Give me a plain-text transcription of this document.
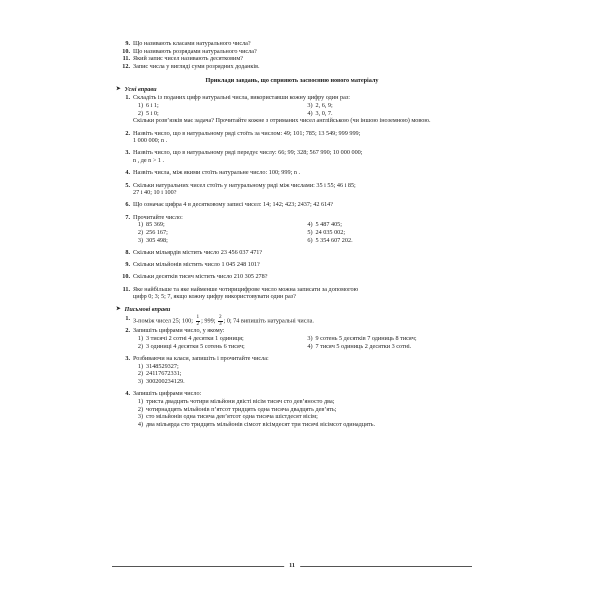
9. Що називають класами натурального числа?
10. Що називають розрядами натурального числа?
11. Який запис чисел називають десятковим?
12. Запис числа у вигляді суми розрядних доданків.
Приклади завдань, що сприяють засвоєнню нового матеріалу
➤ Усні вправи
1. Складіть із поданих цифр натуральні числа, використавши кожну цифру один раз:
1) 6 і 1;	3) 2, 6, 9;
2) 5 і 0;	4) 3, 0, 7.
Скільки розв’язків має задача? Прочитайте кожне з отриманих чисел англійською (чи іншою іноземною) мовою.
2. Назвіть число, що в натуральному ряді стоїть за числом: 49; 101; 785; 13 549; 999 999;
1 000 000; n .
3. Назвіть число, що в натуральному ряді передує числу: 66; 99; 328; 567 990; 10 000 000;
n , де n > 1 .
4. Назвіть числа, між якими стоїть натуральне число: 100; 999; n .
5. Скільки натуральних чисел стоїть у натуральному ряді між числами: 35 і 55; 46 і 85;
27 і 40; 10 і 100?
6. Що означає цифра 4 в десятковому записі чисел: 14; 142; 423; 2437; 42 614?
7. Прочитайте число:
1) 85 369;	4) 5 487 405;
2) 256 167;	5) 24 035 002;
3) 305 498;	6) 5 354 607 202.
8. Скільки мільярдів містить число 23 456 037 471?
9. Скільки мільйонів містить число 1 045 248 101?
10. Скільки десятків тисяч містить число 210 305 278?
11. Яке найбільше та яке найменше чотирицифрове число можна записати за допомогою
цифр 0; 3; 5; 7, якщо кожну цифру використовувати один раз?
➤ Письмові вправи
1. З-поміж чисел 25; 100; $\frac{1}{2}$ ; 999; $\frac{2}{3}$ ; 0; 74 випишіть натуральні числа.
2. Запишіть цифрами число, у якому:
1) 3 тисячі 2 сотні 4 десятки 1 одиниця;	3) 9 сотень 5 десятків 7 одиниць 8 тисяч;
2) 3 одиниці 4 десятки 5 сотень 6 тисяч;	4) 7 тисяч 5 одиниць 2 десятки 3 сотні.
3. Розбиваючи на класи, запишіть і прочитайте числа:
1) 3148529327;
2) 24117672331;
3) 300200234129.
4. Запишіть цифрами число:
1) триста двадцять чотири мільйони двісті вісім тисяч сто дев’яносто два;
2) чотирнадцять мільйонів п’ятсот тридцять одна тисяча двадцять дев’ять;
3) сто мільйонів одна тисяча дев’ятсот одна тисяча шістдесят вісім;
4) два мільярда сто тридцять мільйонів сімсот вісімдесят три тисячі вісімсот одинадцять.
11
